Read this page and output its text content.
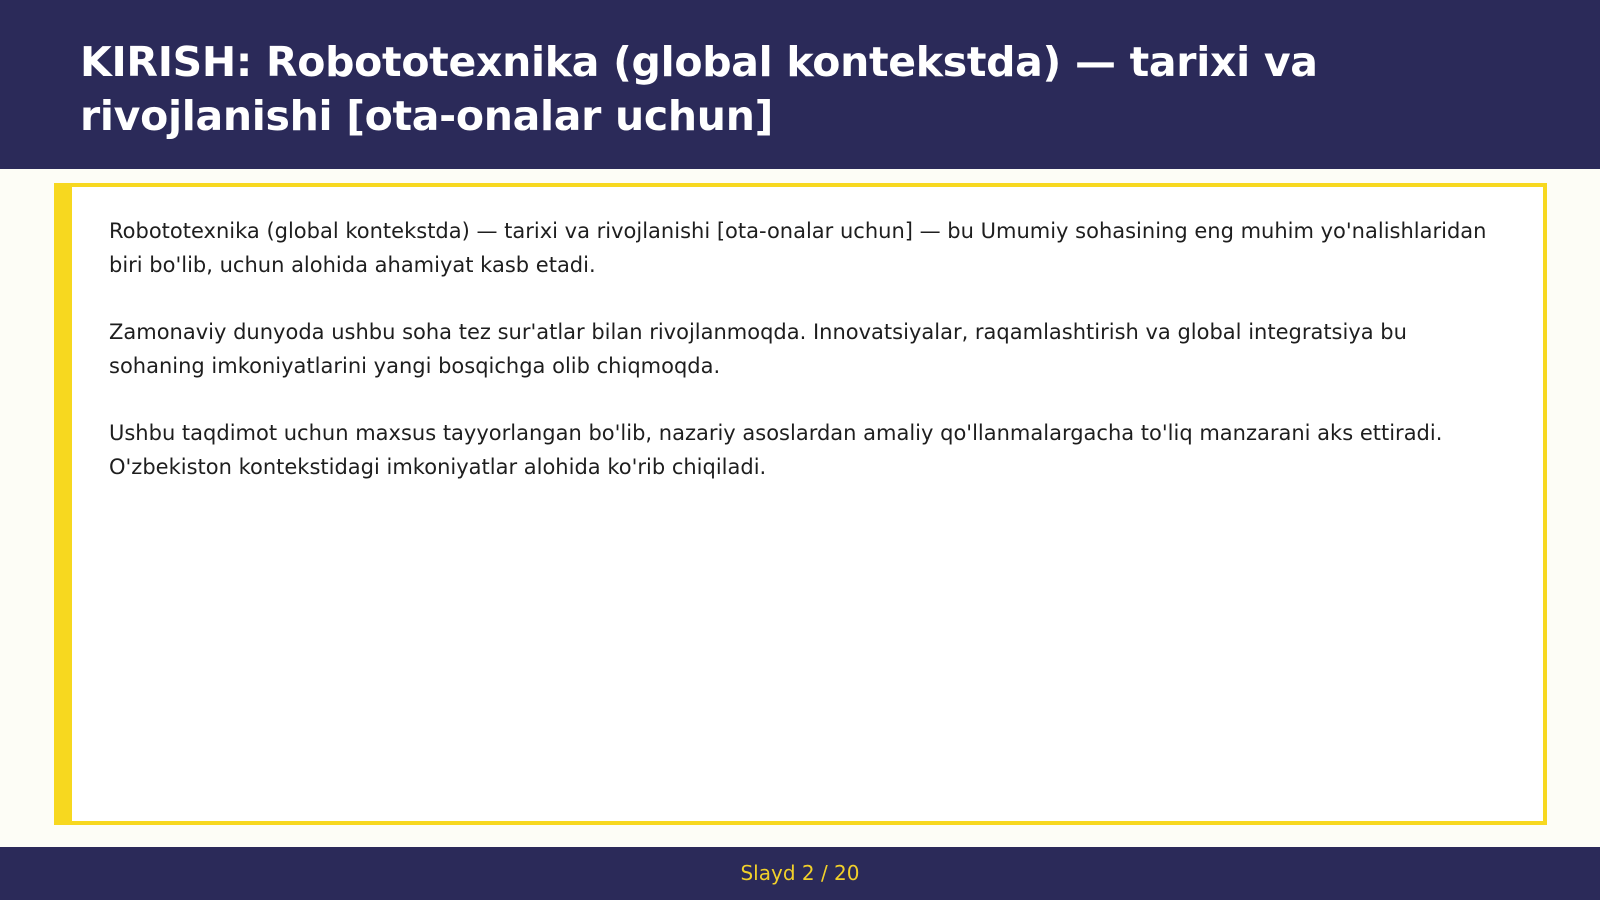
KIRISH: Robototexnika (global kontekstda) — tarixi va rivojlanishi [ota-onalar uchun]

Robototexnika (global kontekstda) — tarixi va rivojlanishi [ota-onalar uchun] — bu Umumiy sohasining eng muhim yo'nalishlaridan biri bo'lib, uchun alohida ahamiyat kasb etadi.

Zamonaviy dunyoda ushbu soha tez sur'atlar bilan rivojlanmoqda. Innovatsiyalar, raqamlashtirish va global integratsiya bu sohaning imkoniyatlarini yangi bosqichga olib chiqmoqda.

Ushbu taqdimot uchun maxsus tayyorlangan bo'lib, nazariy asoslardan amaliy qo'llanmalargacha to'liq manzarani aks ettiradi. O'zbekiston kontekstidagi imkoniyatlar alohida ko'rib chiqiladi.

Slayd 2 / 20
